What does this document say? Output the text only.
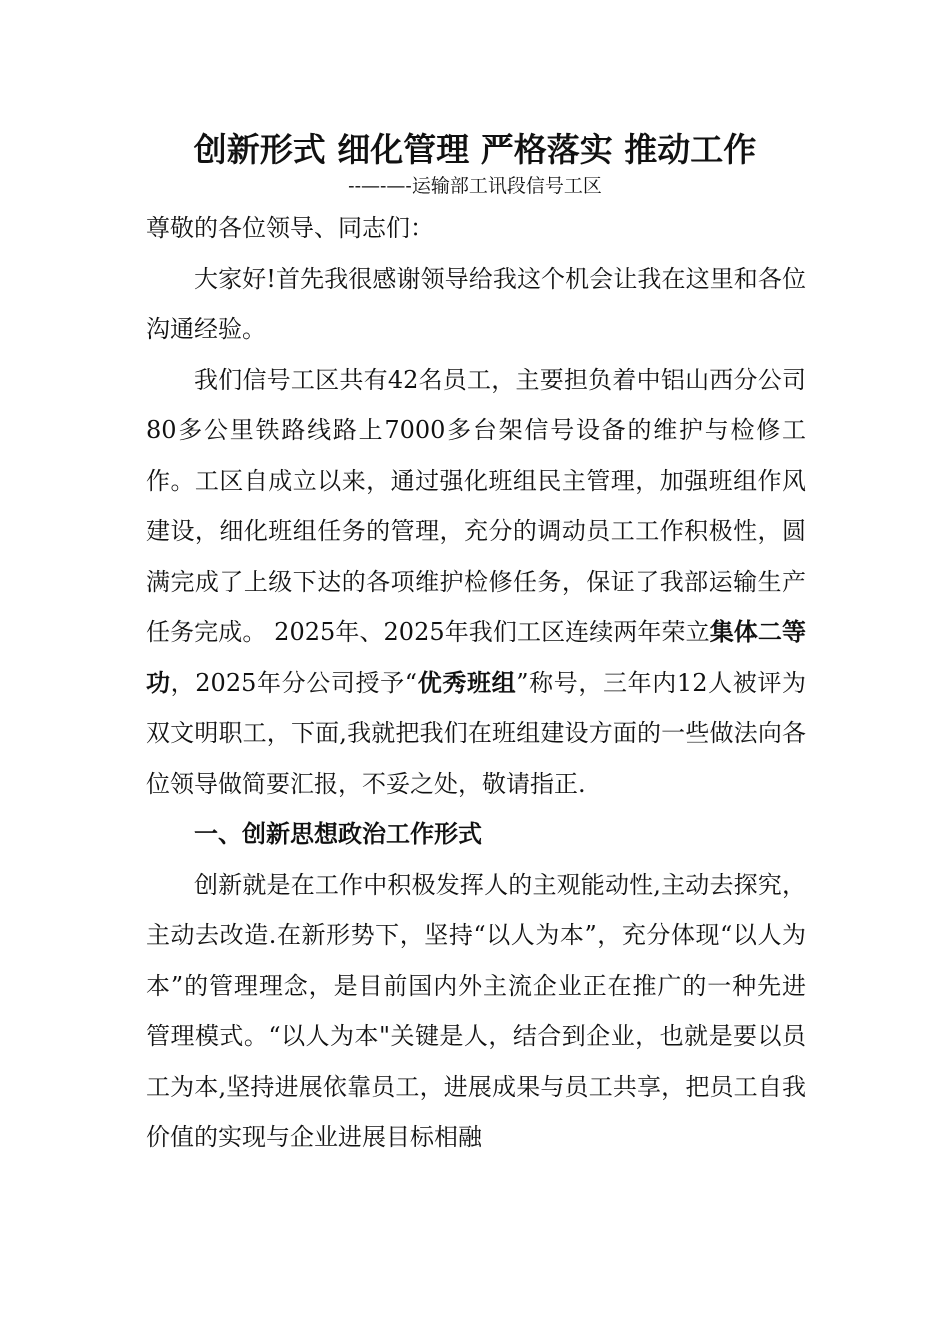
创新形式 细化管理 严格落实 推动工作
--—-—-运输部工讯段信号工区

尊敬的各位领导、同志们：

大家好!首先我很感谢领导给我这个机会让我在这里和各位沟通经验。

我们信号工区共有42名员工，主要担负着中铝山西分公司80多公里铁路线路上7000多台架信号设备的维护与检修工作。工区自成立以来，通过强化班组民主管理，加强班组作风建设，细化班组任务的管理，充分的调动员工工作积极性，圆满完成了上级下达的各项维护检修任务，保证了我部运输生产任务完成。 2025年、2025年我们工区连续两年荣立集体二等功，2025年分公司授予“优秀班组”称号，三年内12人被评为双文明职工，下面,我就把我们在班组建设方面的一些做法向各位领导做简要汇报，不妥之处，敬请指正.

一、创新思想政治工作形式

创新就是在工作中积极发挥人的主观能动性,主动去探究，主动去改造.在新形势下，坚持“以人为本”，充分体现“以人为本”的管理理念，是目前国内外主流企业正在推广的一种先进管理模式。“以人为本"关键是人，结合到企业，也就是要以员工为本,坚持进展依靠员工，进展成果与员工共享，把员工自我价值的实现与企业进展目标相融
